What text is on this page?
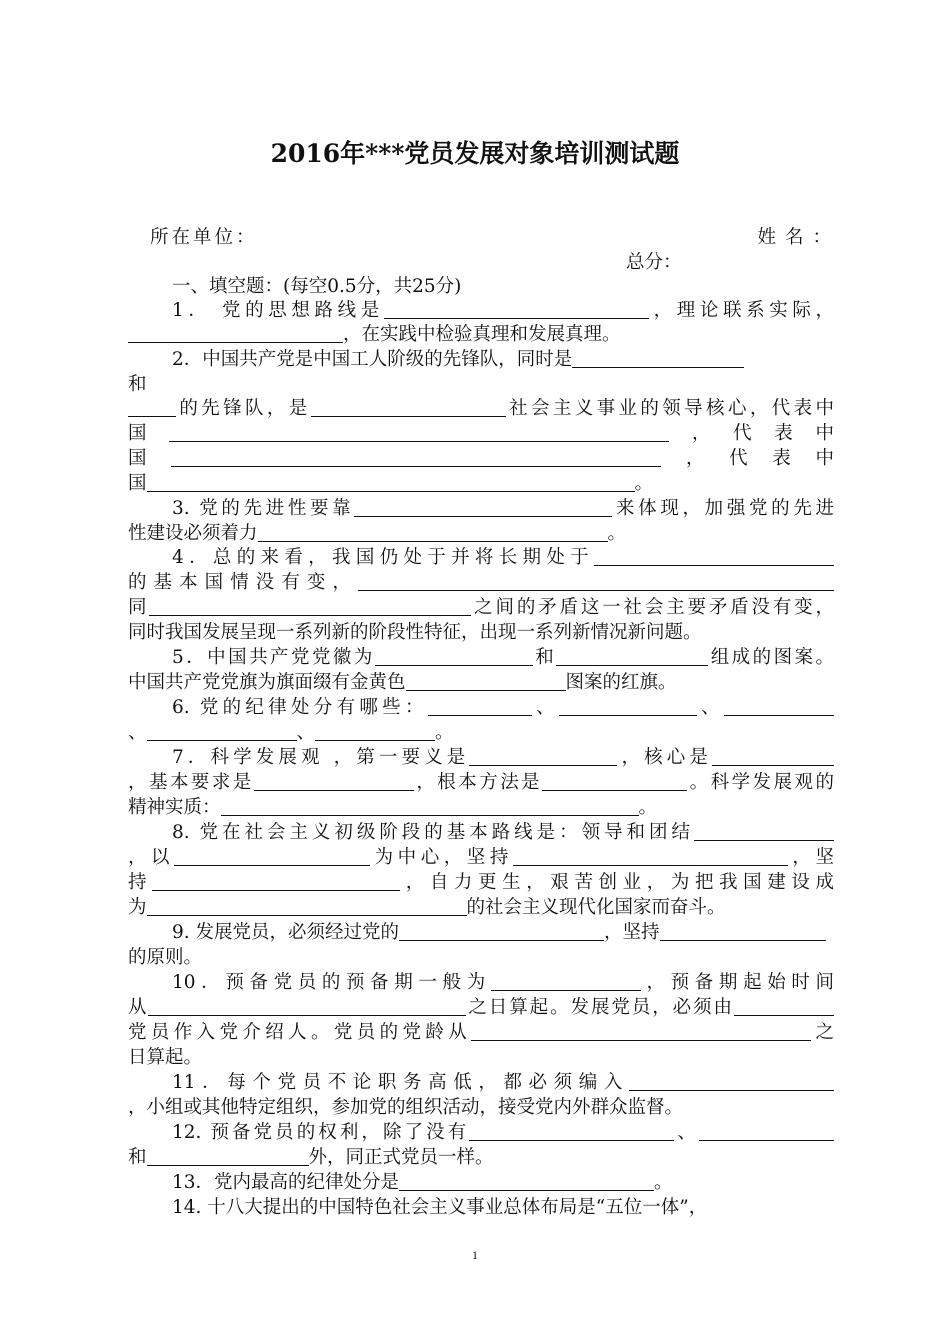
2016年***党员发展对象培训测试题
所在单位：	姓名：
总分：
一、填空题：(每空0.5分，共25分)
1． 党的思想路线是	，理论联系实际，
，在实践中检验真理和发展真理。
2．中国共产党是中国工人阶级的先锋队，同时是
和
的先锋队，是	社会主义事业的领导核心，代表中
国	，代表中
国	，代表中
国	。
3. 党的先进性要靠	来体现，加强党的先进
性建设必须着力	。
4．总的来看，我国仍处于并将长期处于
的基本国情没有变，
同	之间的矛盾这一社会主要矛盾没有变，
同时我国发展呈现一系列新的阶段性特征，出现一系列新情况新问题。
5．中国共产党党徽为	和	组成的图案。
中国共产党党旗为旗面缀有金黄色	图案的红旗。
6. 党的纪律处分有哪些：	、	、
、	、	。
7．科学发展观 ，第一要义是	，核心是
，基本要求是	，根本方法是	。科学发展观的
精神实质：	。
8. 党在社会主义初级阶段的基本路线是：领导和团结
，以	为中心，坚持	，坚
持	，自力更生，艰苦创业，为把我国建设成
为	的社会主义现代化国家而奋斗。
9. 发展党员，必须经过党的	，坚持
的原则。
10．预备党员的预备期一般为	，预备期起始时间
从	之日算起。发展党员，必须由
党员作入党介绍人。党员的党龄从	之
日算起。
11．每个党员不论职务高低，都必须编入
，小组或其他特定组织，参加党的组织活动，接受党内外群众监督。
12. 预备党员的权利，除了没有	、
和	外，同正式党员一样。
13．党内最高的纪律处分是	。
14. 十八大提出的中国特色社会主义事业总体布局是“五位一体”，
1
